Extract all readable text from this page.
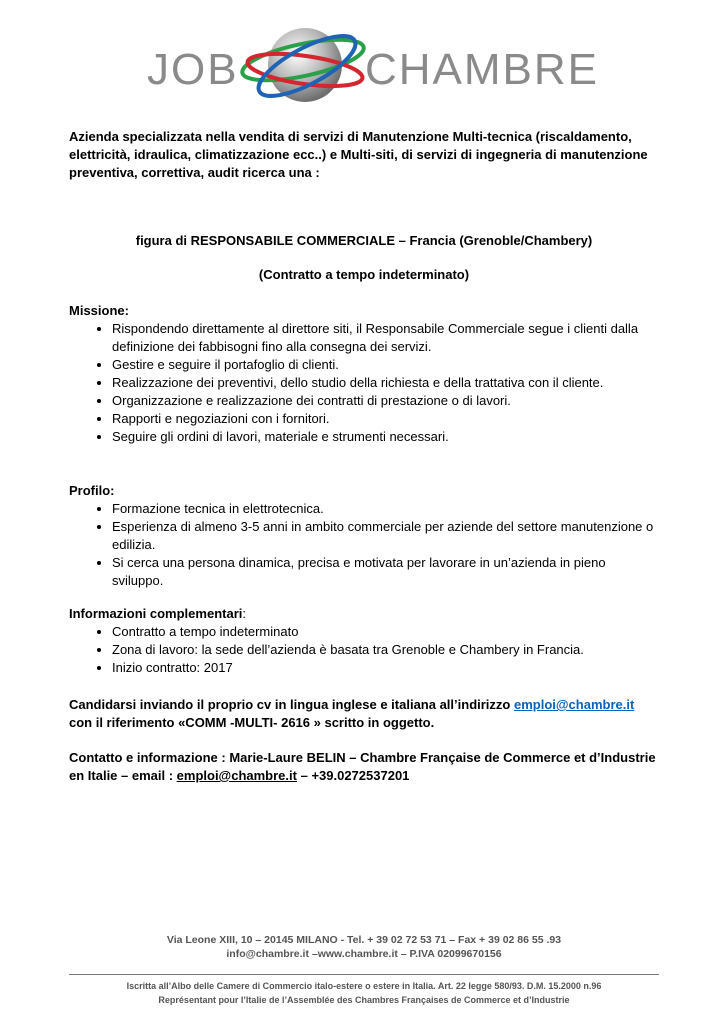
JOB	CHAMBRE
Azienda specializzata nella vendita di servizi di Manutenzione Multi-tecnica (riscaldamento, elettricità, idraulica, climatizzazione ecc..) e Multi-siti, di servizi di ingegneria di manutenzione preventiva, correttiva, audit ricerca una :
figura di RESPONSABILE COMMERCIALE – Francia (Grenoble/Chambery)
(Contratto a tempo indeterminato)

Missione:

• Rispondendo direttamente al direttore siti, il Responsabile Commerciale segue i clienti dalla definizione dei fabbisogni fino alla consegna dei servizi.
• Gestire e seguire il portafoglio di clienti.
• Realizzazione dei preventivi, dello studio della richiesta e della trattativa con il cliente.
• Organizzazione e realizzazione dei contratti di prestazione o di lavori.
• Rapporti e negoziazioni con i fornitori.
• Seguire gli ordini di lavori, materiale e strumenti necessari.

Profilo:

• Formazione tecnica in elettrotecnica.
• Esperienza di almeno 3-5 anni in ambito commerciale per aziende del settore manutenzione o edilizia.
• Si cerca una persona dinamica, precisa e motivata per lavorare in un’azienda in pieno sviluppo.

Informazioni complementari:

• Contratto a tempo indeterminato
• Zona di lavoro: la sede dell’azienda è basata tra Grenoble e Chambery in Francia.
• Inizio contratto: 2017
Candidarsi inviando il proprio cv in lingua inglese e italiana all’indirizzo emploi@chambre.it con il riferimento «COMM -MULTI- 2616 » scritto in oggetto.
Contatto e informazione : Marie-Laure BELIN – Chambre Française de Commerce et d’Industrie en Italie – email : emploi@chambre.it – +39.0272537201
Via Leone XIII, 10 – 20145 MILANO - Tel. + 39 02 72 53 71 – Fax + 39 02 86 55 .93
info@chambre.it –www.chambre.it – P.IVA 02099670156
Iscritta all’Albo delle Camere di Commercio italo-estere o estere in Italia. Art. 22 legge 580/93. D.M. 15.2000 n.96
Représentant pour l’Italie de l’Assemblée des Chambres Françaises de Commerce et d’Industrie
